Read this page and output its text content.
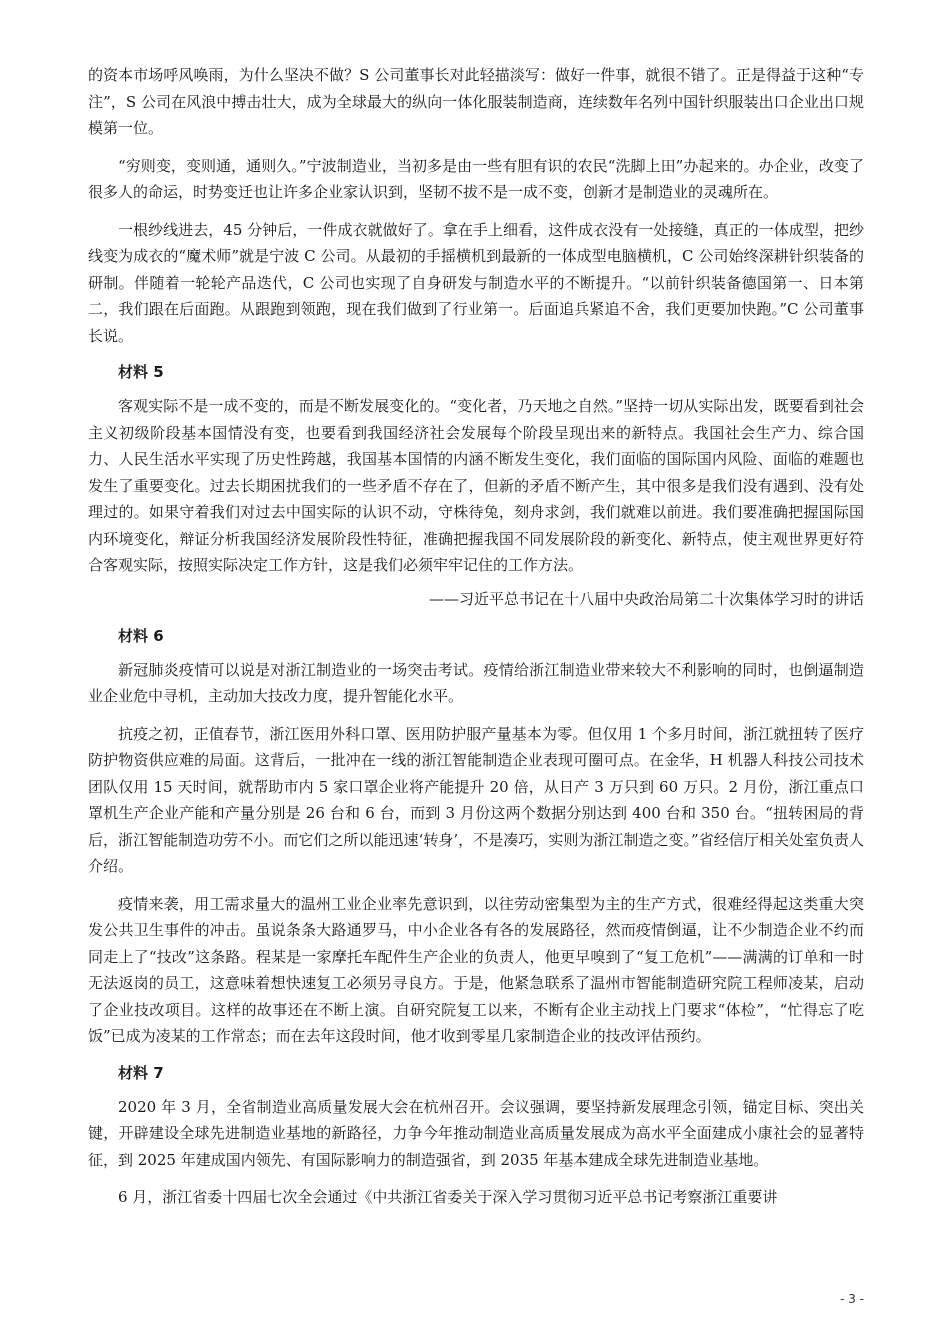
的资本市场呼风唤雨，为什么坚决不做？S 公司董事长对此轻描淡写：做好一件事，就很不错了。正是得益于这种“专注”，S 公司在风浪中搏击壮大，成为全球最大的纵向一体化服装制造商，连续数年名列中国针织服装出口企业出口规模第一位。

“穷则变，变则通，通则久。”宁波制造业，当初多是由一些有胆有识的农民“洗脚上田”办起来的。办企业，改变了很多人的命运，时势变迁也让许多企业家认识到，坚韧不拔不是一成不变，创新才是制造业的灵魂所在。

一根纱线进去，45 分钟后，一件成衣就做好了。拿在手上细看，这件成衣没有一处接缝，真正的一体成型，把纱线变为成衣的“魔术师”就是宁波 C 公司。从最初的手摇横机到最新的一体成型电脑横机，C 公司始终深耕针织装备的研制。伴随着一轮轮产品迭代，C 公司也实现了自身研发与制造水平的不断提升。“以前针织装备德国第一、日本第二，我们跟在后面跑。从跟跑到领跑，现在我们做到了行业第一。后面追兵紧追不舍，我们更要加快跑。”C 公司董事长说。

材料 5

客观实际不是一成不变的，而是不断发展变化的。“变化者，乃天地之自然。”坚持一切从实际出发，既要看到社会主义初级阶段基本国情没有变，也要看到我国经济社会发展每个阶段呈现出来的新特点。我国社会生产力、综合国力、人民生活水平实现了历史性跨越，我国基本国情的内涵不断发生变化，我们面临的国际国内风险、面临的难题也发生了重要变化。过去长期困扰我们的一些矛盾不存在了，但新的矛盾不断产生，其中很多是我们没有遇到、没有处理过的。如果守着我们对过去中国实际的认识不动，守株待兔，刻舟求剑，我们就难以前进。我们要准确把握国际国内环境变化，辩证分析我国经济发展阶段性特征，准确把握我国不同发展阶段的新变化、新特点，使主观世界更好符合客观实际，按照实际决定工作方针，这是我们必须牢牢记住的工作方法。

——习近平总书记在十八届中央政治局第二十次集体学习时的讲话
材料 6

新冠肺炎疫情可以说是对浙江制造业的一场突击考试。疫情给浙江制造业带来较大不利影响的同时，也倒逼制造业企业危中寻机，主动加大技改力度，提升智能化水平。

抗疫之初，正值春节，浙江医用外科口罩、医用防护服产量基本为零。但仅用 1 个多月时间，浙江就扭转了医疗防护物资供应难的局面。这背后，一批冲在一线的浙江智能制造企业表现可圈可点。在金华，H 机器人科技公司技术团队仅用 15 天时间，就帮助市内 5 家口罩企业将产能提升 20 倍，从日产 3 万只到 60 万只。2 月份，浙江重点口罩机生产企业产能和产量分别是 26 台和 6 台，而到 3 月份这两个数据分别达到 400 台和 350 台。“扭转困局的背后，浙江智能制造功劳不小。而它们之所以能迅速‘转身’，不是凑巧，实则为浙江制造之变。”省经信厅相关处室负责人介绍。

疫情来袭，用工需求量大的温州工业企业率先意识到，以往劳动密集型为主的生产方式，很难经得起这类重大突发公共卫生事件的冲击。虽说条条大路通罗马，中小企业各有各的发展路径，然而疫情倒逼，让不少制造企业不约而同走上了“技改”这条路。程某是一家摩托车配件生产企业的负责人，他更早嗅到了“复工危机”——满满的订单和一时无法返岗的员工，这意味着想快速复工必须另寻良方。于是，他紧急联系了温州市智能制造研究院工程师凌某，启动了企业技改项目。这样的故事还在不断上演。自研究院复工以来，不断有企业主动找上门要求“体检”，“忙得忘了吃饭”已成为凌某的工作常态；而在去年这段时间，他才收到零星几家制造企业的技改评估预约。

材料 7

2020 年 3 月，全省制造业高质量发展大会在杭州召开。会议强调，要坚持新发展理念引领，锚定目标、突出关键，开辟建设全球先进制造业基地的新路径，力争今年推动制造业高质量发展成为高水平全面建成小康社会的显著特征，到 2025 年建成国内领先、有国际影响力的制造强省，到 2035 年基本建成全球先进制造业基地。

6 月，浙江省委十四届七次全会通过《中共浙江省委关于深入学习贯彻习近平总书记考察浙江重要讲

- 3 -
